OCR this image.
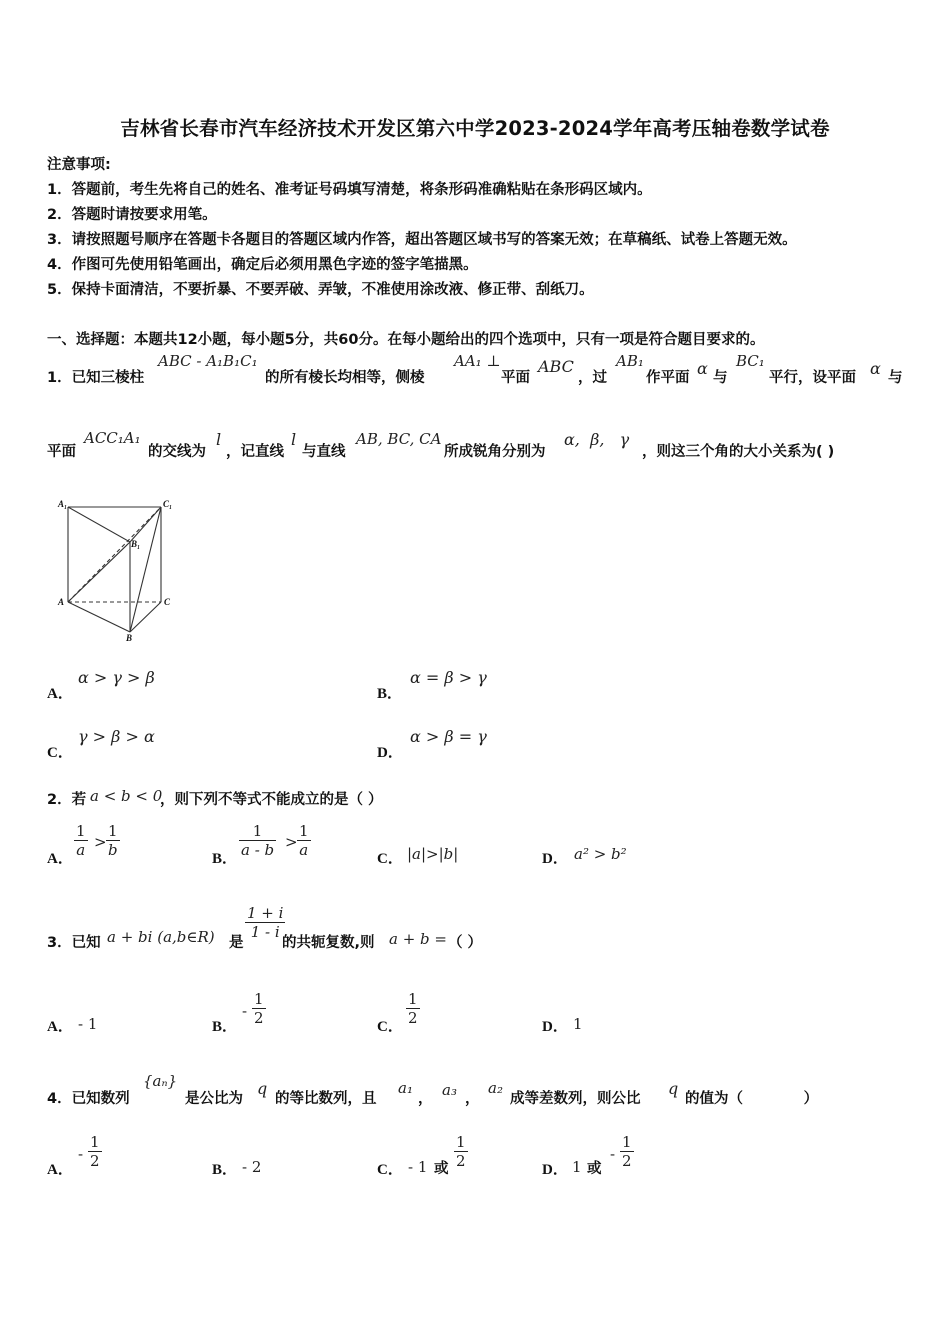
吉林省长春市汽车经济技术开发区第六中学2023-2024学年高考压轴卷数学试卷
注意事项:
1．答题前，考生先将自己的姓名、准考证号码填写清楚，将条形码准确粘贴在条形码区域内。
2．答题时请按要求用笔。
3．请按照题号顺序在答题卡各题目的答题区域内作答，超出答题区域书写的答案无效；在草稿纸、试卷上答题无效。
4．作图可先使用铅笔画出，确定后必须用黑色字迹的签字笔描黑。
5．保持卡面清洁，不要折暴、不要弄破、弄皱，不准使用涂改液、修正带、刮纸刀。
一、选择题：本题共12小题，每小题5分，共60分。在每小题给出的四个选项中，只有一项是符合题目要求的。
1．已知三棱柱
ABC - A₁B₁C₁
的所有棱长均相等，侧棱
AA₁ ⊥
平面
ABC
，过
AB₁
作平面 α 与
BC₁
平行，设平面 α 与
平面
ACC₁A₁
的交线为
l
，记直线
l
与直线
AB, BC, CA
所成锐角分别为
α,  β,   γ
，则这三个角的大小关系为( )
A₁	C₁
B₁
A	C
B
A．
α > γ > β
B．
α = β > γ
C．
γ > β > α
D．
α > β = γ
2．若 a < b < 0
，则下列不等式不能成立的是（ ）
A． $\frac{1}{a} > \frac{1}{b}$	B． $\frac{1}{a - b} > \frac{1}{a}$	C． |a|>|b|	D． a² > b²
3．已知 a + bi (a,b∈R) 是
$\frac{1 + i}{1 - i}$
的共轭复数,则 a + b = （ ）
A． - 1	B．
- $\frac{1}{2}$	C． $\frac{1}{2}$	D． 1
4．已知数列
{aₙ}
是公比为
q
的等比数列，且
a₁
， a₃ ，
a₂
成等差数列，则公比
q
的值为（            ）
A．
- $\frac{1}{2}$	B． - 2	C． - 1 或 $\frac{1}{2}$	D． 1 或
- $\frac{1}{2}$
